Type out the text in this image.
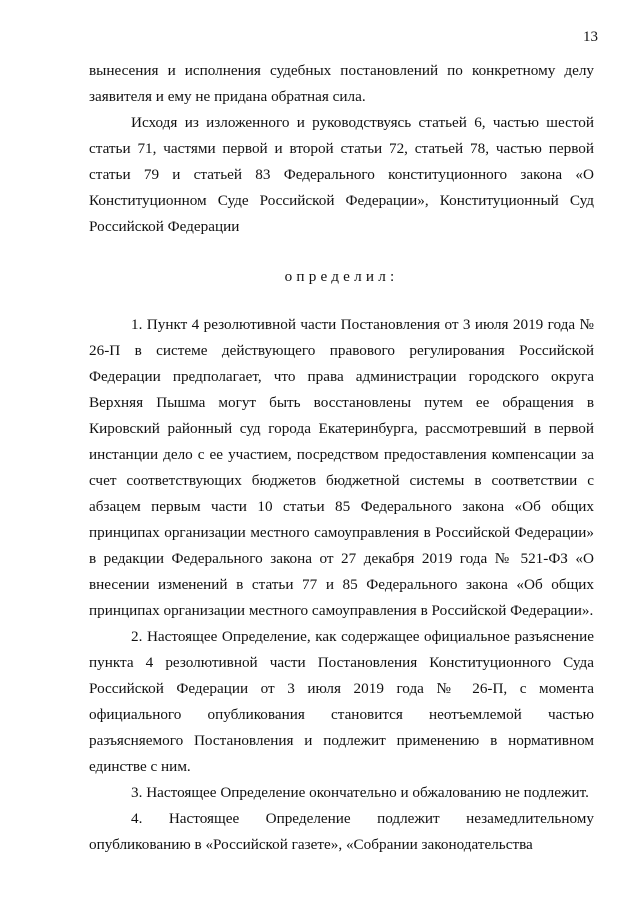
13

вынесения и исполнения судебных постановлений по конкретному делу заявителя и ему не придана обратная сила.

Исходя из изложенного и руководствуясь статьей 6, частью шестой статьи 71, частями первой и второй статьи 72, статьей 78, частью первой статьи 79 и статьей 83 Федерального конституционного закона «О Конституционном Суде Российской Федерации», Конституционный Суд Российской Федерации

определил:

1. Пункт 4 резолютивной части Постановления от 3 июля 2019 года № 26-П в системе действующего правового регулирования Российской Федерации предполагает, что права администрации городского округа Верхняя Пышма могут быть восстановлены путем ее обращения в Кировский районный суд города Екатеринбурга, рассмотревший в первой инстанции дело с ее участием, посредством предоставления компенсации за счет соответствующих бюджетов бюджетной системы в соответствии с абзацем первым части 10 статьи 85 Федерального закона «Об общих принципах организации местного самоуправления в Российской Федерации» в редакции Федерального закона от 27 декабря 2019 года № 521-ФЗ «О внесении изменений в статьи 77 и 85 Федерального закона «Об общих принципах организации местного самоуправления в Российской Федерации».

2. Настоящее Определение, как содержащее официальное разъяснение пункта 4 резолютивной части Постановления Конституционного Суда Российской Федерации от 3 июля 2019 года № 26-П, с момента официального опубликования становится неотъемлемой частью разъясняемого Постановления и подлежит применению в нормативном единстве с ним.

3. Настоящее Определение окончательно и обжалованию не подлежит.

4. Настоящее Определение подлежит незамедлительному опубликованию в «Российской газете», «Собрании законодательства
